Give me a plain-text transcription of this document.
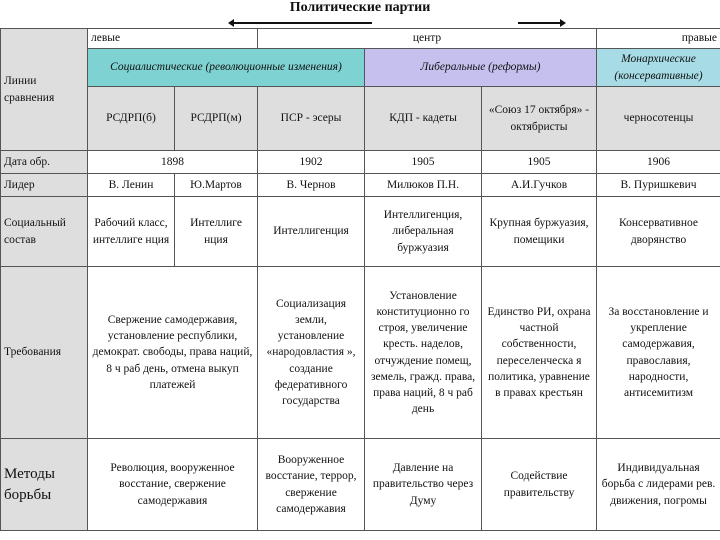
Политические партии
Линии сравнения	левые		центр			правые
	Социалистические (революционные изменения)			Либеральные (реформы)		Монархические (консервативные)
	РСДРП(б)	РСДРП(м)	ПСР - эсеры	КДП - кадеты	«Союз 17 октября» - октябристы	черносотенцы
Дата обр.	1898		1902	1905	1905	1906
Лидер	В. Ленин	Ю.Мартов	В. Чернов	Милюков П.Н.	А.И.Гучков	В. Пуришкевич
Социальный состав	Рабочий класс, интеллиге нция	Интеллиге нция	Интеллигенция	Интеллигенция, либеральная буржуазия	Крупная буржуазия, помещики	Консервативное дворянство
Требования	Свержение самодержавия, установление республики, демократ. свободы, права наций, 8 ч раб день, отмена выкуп платежей		Социализация земли, установление «народовластия », создание федеративного государства	Установление конституционно го строя, увеличение кресть. наделов, отчуждение помещ, земель, гражд. права, права наций, 8 ч раб день	Единство РИ, охрана частной собственности, переселенческа я политика, уравнение в правах крестьян	За восстановление и укрепление самодержавия, православия, народности, антисемитизм
Методы борьбы	Революция, вооруженное восстание, свержение самодержавия		Вооруженное восстание, террор, свержение самодержавия	Давление на правительство через Думу	Содействие правительству	Индивидуальная борьба с лидерами рев. движения, погромы
